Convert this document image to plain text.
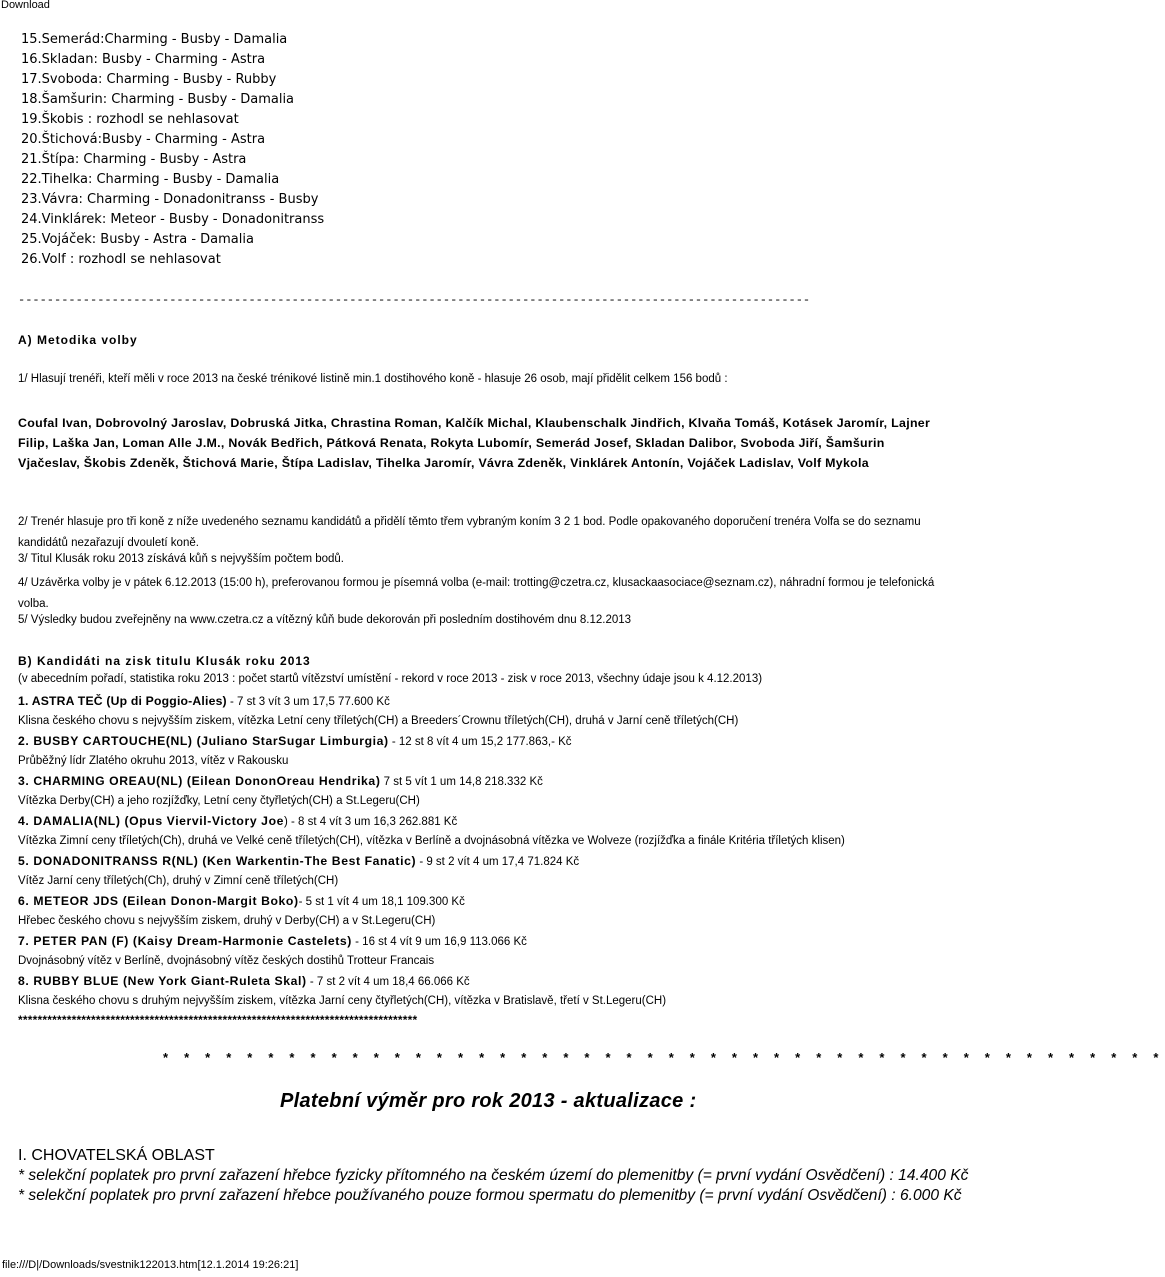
Download
15.Semerád:Charming - Busby - Damalia
16.Skladan: Busby - Charming - Astra
17.Svoboda: Charming - Busby - Rubby
18.Šamšurin: Charming - Busby - Damalia
19.Škobis : rozhodl se nehlasovat
20.Štichová:Busby - Charming - Astra
21.Štípa: Charming - Busby - Astra
22.Tihelka: Charming - Busby - Damalia
23.Vávra: Charming - Donadonitranss - Busby
24.Vinklárek: Meteor - Busby - Donadonitranss
25.Vojáček: Busby - Astra - Damalia
26.Volf : rozhodl se nehlasovat
--------------------------------------------------------------------------------------------------------------
A) Metodika volby
1/ Hlasují trenéři, kteří měli v roce 2013 na české trénikové listině min.1 dostihového koně - hlasuje 26 osob, mají přidělit celkem 156 bodů :
Coufal Ivan, Dobrovolný Jaroslav, Dobruská Jitka, Chrastina Roman, Kalčík Michal, Klaubenschalk Jindřich, Klvaňa Tomáš, Kotásek Jaromír, Lajner Filip, Laška Jan, Loman Alle J.M., Novák Bedřich, Pátková Renata, Rokyta Lubomír, Semerád Josef, Skladan Dalibor, Svoboda Jiří, Šamšurin Vjačeslav, Škobis Zdeněk, Štichová Marie, Štípa Ladislav, Tihelka Jaromír, Vávra Zdeněk, Vinklárek Antonín, Vojáček Ladislav, Volf Mykola
2/ Trenér hlasuje pro tři koně z níže uvedeného seznamu kandidátů a přidělí těmto třem vybraným koním 3 2 1 bod. Podle opakovaného doporučení trenéra Volfa se do seznamu kandidátů nezařazují dvouletí koně.
3/ Titul Klusák roku 2013 získává kůň s nejvyšším počtem bodů.
4/ Uzávěrka volby je v pátek 6.12.2013 (15:00 h), preferovanou formou je písemná volba (e-mail: trotting@czetra.cz, klusackaasociace@seznam.cz), náhradní formou je telefonická volba.
5/ Výsledky budou zveřejněny na www.czetra.cz a vítězný kůň bude dekorován při posledním dostihovém dnu 8.12.2013
B) Kandidáti na zisk titulu Klusák roku 2013
(v abecedním pořadí, statistika roku 2013 : počet startů vítězství umístění - rekord v roce 2013 - zisk v roce 2013, všechny údaje jsou k 4.12.2013)
1. ASTRA TEČ (Up di Poggio-Alies) - 7 st 3 vít 3 um 17,5 77.600 Kč
Klisna českého chovu s nejvyšším ziskem, vítězka Letní ceny tříletých(CH) a Breeders´Crownu tříletých(CH), druhá v Jarní ceně tříletých(CH)
2. BUSBY CARTOUCHE(NL) (Juliano StarSugar Limburgia) - 12 st 8 vít 4 um 15,2 177.863,- Kč
Průběžný lídr Zlatého okruhu 2013, vítěz v Rakousku
3. CHARMING OREAU(NL) (Eilean DononOreau Hendrika) 7 st 5 vít 1 um 14,8 218.332 Kč
Vítězka Derby(CH) a jeho rozjížďky, Letní ceny čtyřletých(CH) a St.Legeru(CH)
4. DAMALIA(NL) (Opus Viervil-Victory Joe) - 8 st 4 vít 3 um 16,3 262.881 Kč
Vítězka Zimní ceny tříletých(Ch), druhá ve Velké ceně tříletých(CH), vítězka v Berlíně a dvojnásobná vítězka ve Wolveze (rozjížďka a finále Kritéria tříletých klisen)
5. DONADONITRANSS R(NL) (Ken Warkentin-The Best Fanatic) - 9 st 2 vít 4 um 17,4 71.824 Kč
Vítěz Jarní ceny tříletých(Ch), druhý v Zimní ceně tříletých(CH)
6. METEOR JDS (Eilean Donon-Margit Boko)- 5 st 1 vít 4 um 18,1 109.300 Kč
Hřebec českého chovu s nejvyšším ziskem, druhý v Derby(CH) a v St.Legeru(CH)
7. PETER PAN (F) (Kaisy Dream-Harmonie Castelets) - 16 st 4 vít 9 um 16,9 113.066 Kč
Dvojnásobný vítěz v Berlíně, dvojnásobný vítěz českých dostihů Trotteur Francais
8. RUBBY BLUE (New York Giant-Ruleta Skal) - 7 st 2 vít 4 um 18,4 66.066 Kč
Klisna českého chovu s druhým nejvyšším ziskem, vítězka Jarní ceny čtyřletých(CH), vítězka v Bratislavě, třetí v St.Legeru(CH)
**********************************************************************************
* * * * * * * * * * * * * * * * * * * * * * * * * * * * * * * * * * * * * * * * * * * * * * * *
Platební výměr pro rok 2013 - aktualizace :
I. CHOVATELSKÁ OBLAST
* selekční poplatek pro první zařazení hřebce fyzicky přítomného na českém území do plemenitby (= první vydání Osvědčení) : 14.400 Kč
* selekční poplatek pro první zařazení hřebce používaného pouze formou spermatu do plemenitby (= první vydání Osvědčení) : 6.000 Kč
file:///D|/Downloads/svestnik122013.htm[12.1.2014 19:26:21]
